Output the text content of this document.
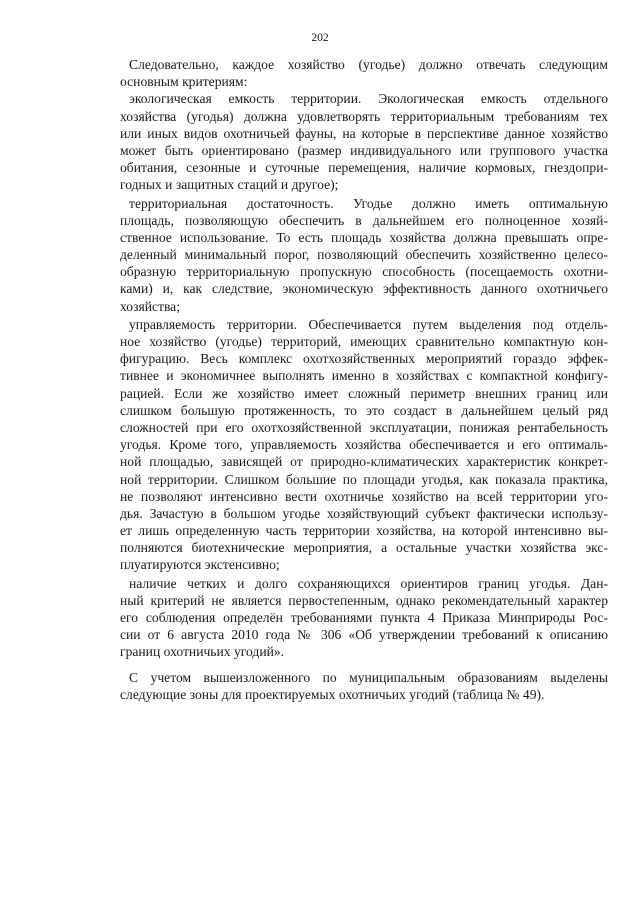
202
Следовательно, каждое хозяйство (угодье) должно отвечать следующим
основным критериям:
экологическая емкость территории. Экологическая емкость отдельного
хозяйства (угодья) должна удовлетворять территориальным требованиям тех
или иных видов охотничьей фауны, на которые в перспективе данное хозяйство
может быть ориентировано (размер индивидуального или группового участка
обитания, сезонные и суточные перемещения, наличие кормовых, гнездопри-
годных и защитных стаций и другое);
территориальная достаточность. Угодье должно иметь оптимальную
площадь, позволяющую обеспечить в дальнейшем его полноценное хозяй-
ственное использование. То есть площадь хозяйства должна превышать опре-
деленный минимальный порог, позволяющий обеспечить хозяйственно целесо-
образную территориальную пропускную способность (посещаемость охотни-
ками) и, как следствие, экономическую эффективность данного охотничьего
хозяйства;
управляемость территории. Обеспечивается путем выделения под отдель-
ное хозяйство (угодье) территорий, имеющих сравнительно компактную кон-
фигурацию. Весь комплекс охотхозяйственных мероприятий гораздо эффек-
тивнее и экономичнее выполнять именно в хозяйствах с компактной конфигу-
рацией. Если же хозяйство имеет сложный периметр внешних границ или
слишком большую протяженность, то это создаст в дальнейшем целый ряд
сложностей при его охотхозяйственной эксплуатации, понижая рентабельность
угодья. Кроме того, управляемость хозяйства обеспечивается и его оптималь-
ной площадью, зависящей от природно-климатических характеристик конкрет-
ной территории. Слишком большие по площади угодья, как показала практика,
не позволяют интенсивно вести охотничье хозяйство на всей территории уго-
дья. Зачастую в большом угодье хозяйствующий субъект фактически использу-
ет лишь определенную часть территории хозяйства, на которой интенсивно вы-
полняются биотехнические мероприятия, а остальные участки хозяйства экс-
плуатируются экстенсивно;
наличие четких и долго сохраняющихся ориентиров границ угодья. Дан-
ный критерий не является первостепенным, однако рекомендательный характер
его соблюдения определён требованиями пункта 4 Приказа Минприроды Рос-
сии от 6 августа 2010 года № 306 «Об утверждении требований к описанию
границ охотничьих угодий».
С учетом вышеизложенного по муниципальным образованиям выделены
следующие зоны для проектируемых охотничьих угодий (таблица № 49).
